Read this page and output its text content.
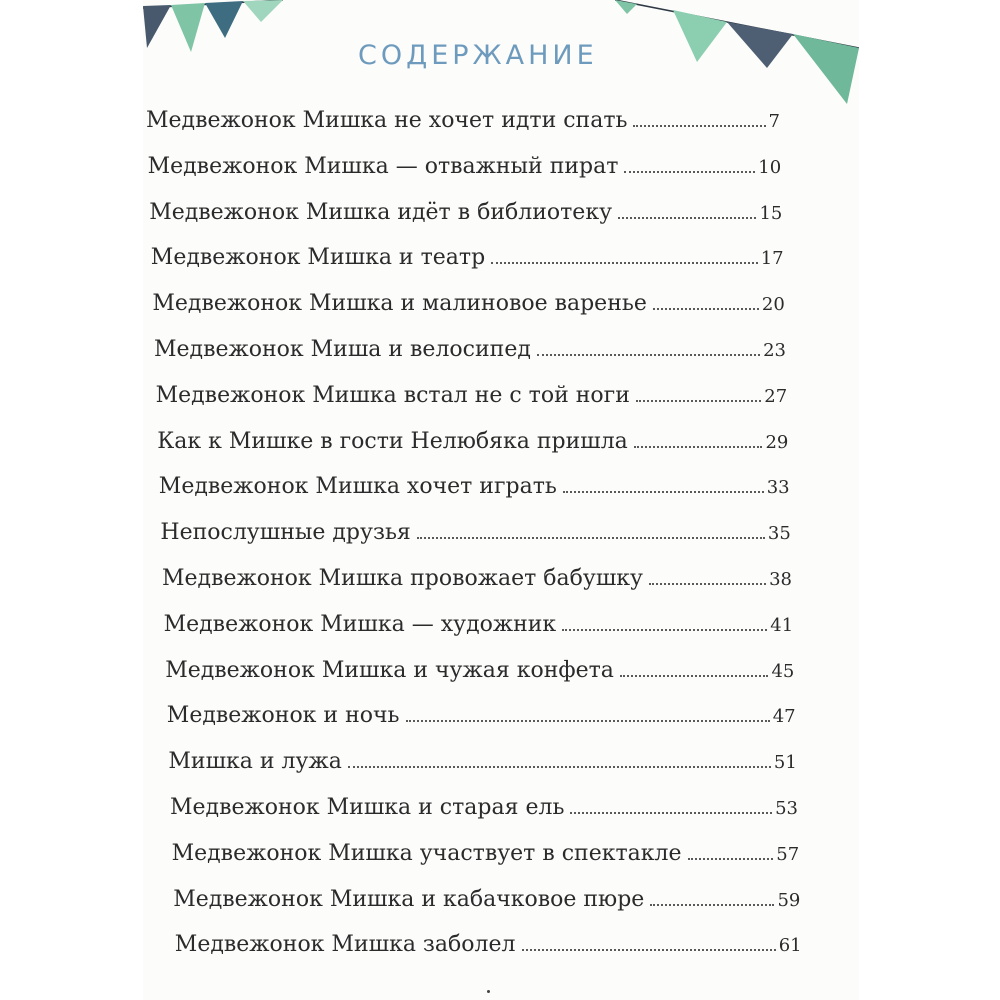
СОДЕРЖАНИЕ
Медвежонок Мишка не хочет идти спать	7
Медвежонок Мишка — отважный пират	10
Медвежонок Мишка идёт в библиотеку	15
Медвежонок Мишка и театр	17
Медвежонок Мишка и малиновое варенье	20
Медвежонок Миша и велосипед	23
Медвежонок Мишка встал не с той ноги	27
Как к Мишке в гости Нелюбяка пришла	29
Медвежонок Мишка хочет играть	33
Непослушные друзья	35
Медвежонок Мишка провожает бабушку	38
Медвежонок Мишка — художник	41
Медвежонок Мишка и чужая конфета	45
Медвежонок и ночь	47
Мишка и лужа	51
Медвежонок Мишка и старая ель	53
Медвежонок Мишка участвует в спектакле	57
Медвежонок Мишка и кабачковое пюре	59
Медвежонок Мишка заболел	61
